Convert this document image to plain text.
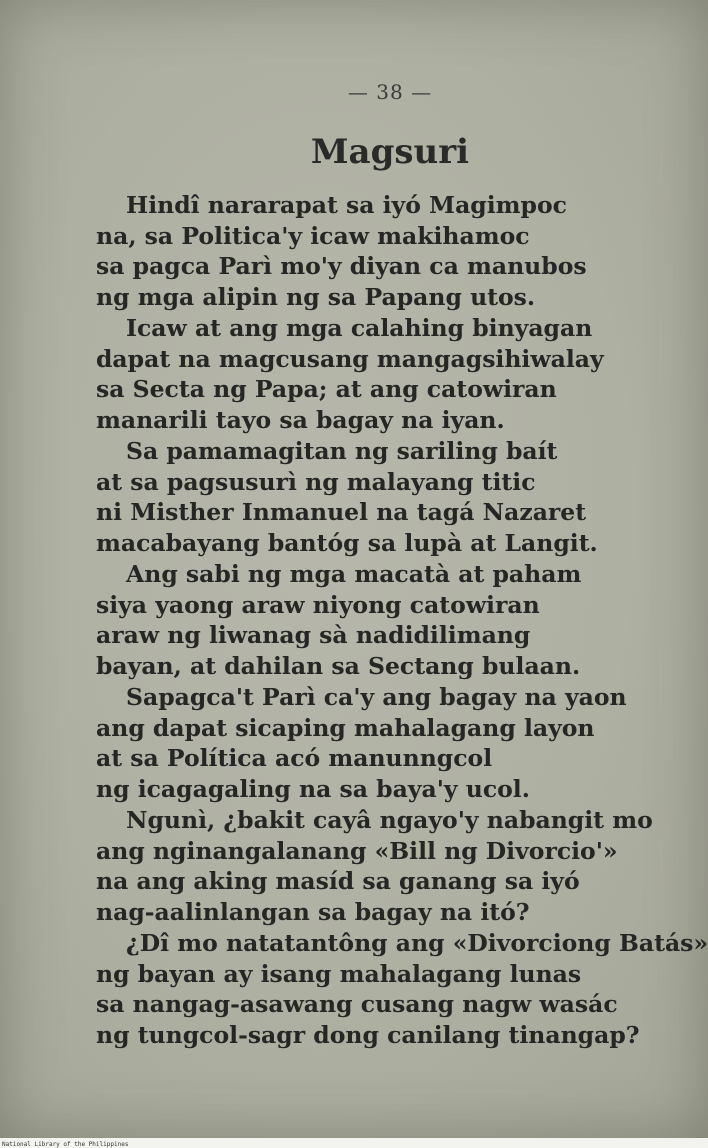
— 38 —
Magsuri

Hindî nararapat sa iyó Magimpoc
na, sa Politica'y icaw makihamoc
sa pagca Parì mo'y diyan ca manubos
ng mga alipin ng sa Papang utos.

Icaw at ang mga calahing binyagan
dapat na magcusang mangagsihiwalay
sa Secta ng Papa; at ang catowiran
manarili tayo sa bagay na iyan.

Sa pamamagitan ng sariling baít
at sa pagsusurì ng malayang titic
ni Misther Inmanuel na tagá Nazaret
macabayang bantóg sa lupà at Langit.

Ang sabi ng mga macatà at paham
siya yaong araw niyong catowiran
araw ng liwanag sà nadidilimang
bayan, at dahilan sa Sectang bulaan.

Sapagca't Parì ca'y ang bagay na yaon
ang dapat sicaping mahalagang layon
at sa Política acó manunngcol
ng icagagaling na sa baya'y ucol.

Ngunì, ¿bakit cayâ ngayo'y nabangit mo
ang nginangalanang «Bill ng Divorcio'»
na ang aking masíd sa ganang sa iyó
nag-aalinlangan sa bagay na itó?

¿Dî mo natatantông ang «Divorciong Batás»
ng bayan ay isang mahalagang lunas
sa nangag-asawang cusang nagw wasác
ng tungcol-sagr dong canilang tinangap?

National Library of the Philippines
